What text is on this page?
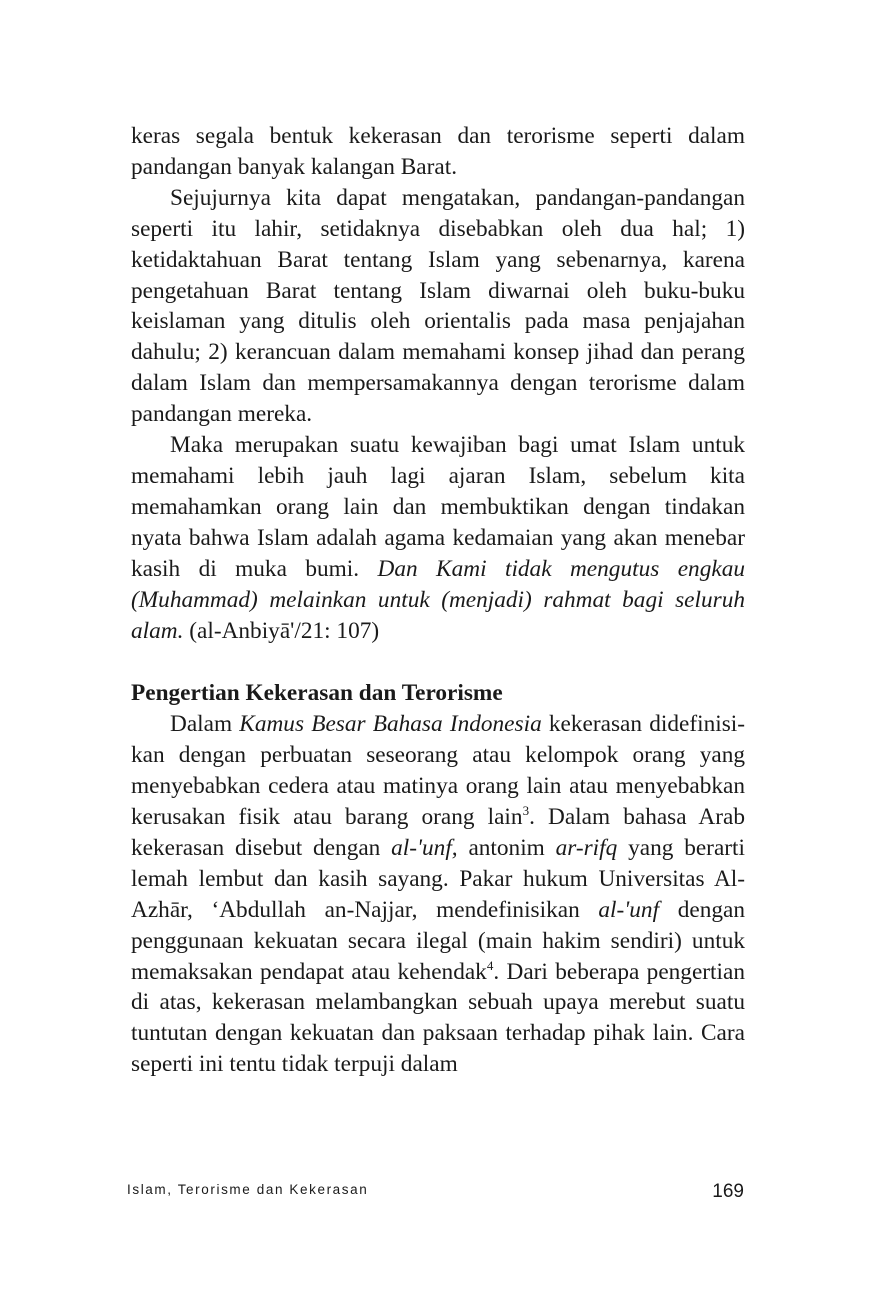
keras segala bentuk kekerasan dan terorisme seperti dalam pandangan banyak kalangan Barat.

Sejujurnya kita dapat mengatakan, pandangan-pandangan seperti itu lahir, setidaknya disebabkan oleh dua hal; 1) ketidaktahuan Barat tentang Islam yang sebenarnya, karena pengetahuan Barat tentang Islam diwarnai oleh buku-buku keislaman yang ditulis oleh orientalis pada masa penjajahan dahulu; 2) kerancuan dalam memahami konsep jihad dan perang dalam Islam dan mempersamakannya dengan terorisme dalam pandangan mereka.

Maka merupakan suatu kewajiban bagi umat Islam untuk memahami lebih jauh lagi ajaran Islam, sebelum kita memahamkan orang lain dan membuktikan dengan tindakan nyata bahwa Islam adalah agama kedamaian yang akan menebar kasih di muka bumi. Dan Kami tidak mengutus engkau (Muhammad) melainkan untuk (menjadi) rahmat bagi seluruh alam. (al-Anbiyā'/21: 107)

Pengertian Kekerasan dan Terorisme

Dalam Kamus Besar Bahasa Indonesia kekerasan didefinisi-kan dengan perbuatan seseorang atau kelompok orang yang menyebabkan cedera atau matinya orang lain atau menyebabkan kerusakan fisik atau barang orang lain$^3$. Dalam bahasa Arab kekerasan disebut dengan al-'unf, antonim ar-rifq yang berarti lemah lembut dan kasih sayang. Pakar hukum Universitas Al-Azhār, ‘Abdullah an-Najjar, mendefinisikan al-'unf dengan penggunaan kekuatan secara ilegal (main hakim sendiri) untuk memaksakan pendapat atau kehendak$^4$. Dari beberapa pengertian di atas, kekerasan melambangkan sebuah upaya merebut suatu tuntutan dengan kekuatan dan paksaan terhadap pihak lain. Cara seperti ini tentu tidak terpuji dalam

Islam, Terorisme dan Kekerasan	169
